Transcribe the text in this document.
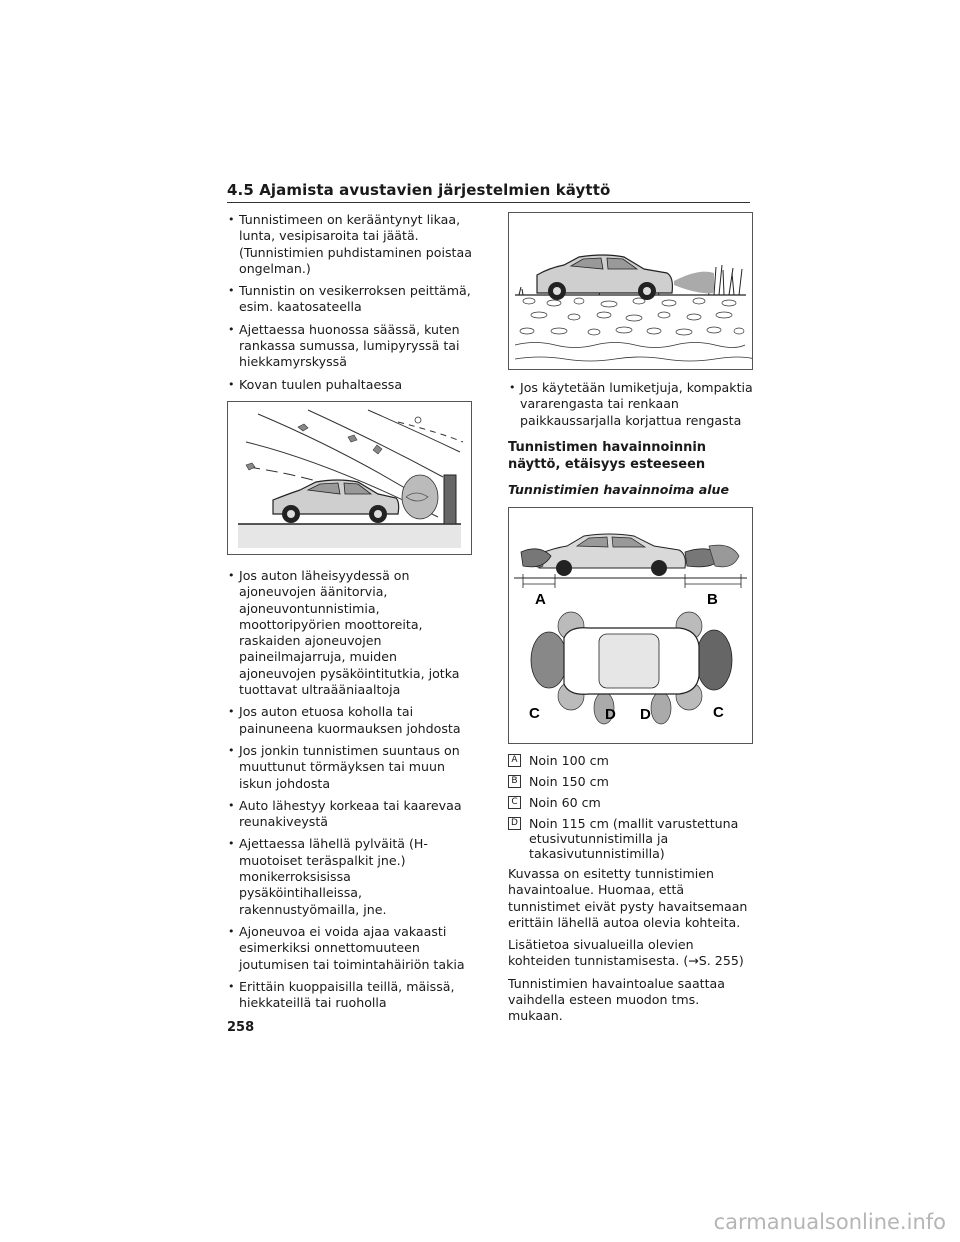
4.5 Ajamista avustavien järjestelmien käyttö
• Tunnistimeen on kerääntynyt likaa, lunta, vesipisaroita tai jäätä. (Tunnistimien puhdistaminen poistaa ongelman.)
• Tunnistin on vesikerroksen peittämä, esim. kaatosateella
• Ajettaessa huonossa säässä, kuten rankassa sumussa, lumipyryssä tai hiekkamyrskyssä
• Kovan tuulen puhaltaessa
• Jos auton läheisyydessä on ajoneuvojen äänitorvia, ajoneuvontunnistimia, moottoripyörien moottoreita, raskaiden ajoneuvojen paineilmajarruja, muiden ajoneuvojen pysäköintitutkia, jotka tuottavat ultraääniaaltoja
• Jos auton etuosa koholla tai painuneena kuormauksen johdosta
• Jos jonkin tunnistimen suuntaus on muuttunut törmäyksen tai muun iskun johdosta
• Auto lähestyy korkeaa tai kaarevaa reunakiveystä
• Ajettaessa lähellä pylväitä (H-muotoiset teräspalkit jne.) monikerroksisissa pysäköintihalleissa, rakennustyömailla, jne.
• Ajoneuvoa ei voida ajaa vakaasti esimerkiksi onnettomuuteen joutumisen tai toimintahäiriön takia
• Erittäin kuoppaisilla teillä, mäissä, hiekkateillä tai ruoholla
• Jos käytetään lumiketjuja, kompaktia vararengasta tai renkaan paikkaussarjalla korjattua rengasta
Tunnistimen havainnoinnin näyttö, etäisyys esteeseen
Tunnistimien havainnoima alue
A	B
C	D D	C
A Noin 100 cm
B Noin 150 cm
C Noin 60 cm
D Noin 115 cm (mallit varustettuna etusivutunnistimilla ja takasivutunnistimilla)

Kuvassa on esitetty tunnistimien havaintoalue. Huomaa, että tunnistimet eivät pysty havaitsemaan erittäin lähellä autoa olevia kohteita.

Lisätietoa sivualueilla olevien kohteiden tunnistamisesta. (→S. 255)

Tunnistimien havaintoalue saattaa vaihdella esteen muodon tms. mukaan.

258
carmanualsonline.info
